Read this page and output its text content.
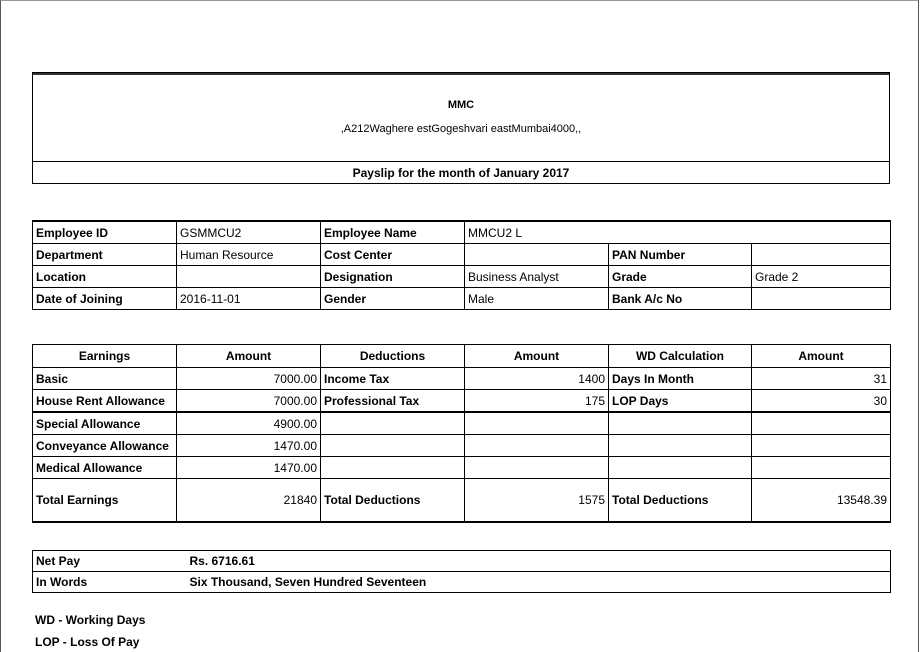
MMC
,A212Waghere estGogeshvari eastMumbai4000,,
Payslip for the month of January 2017
Employee ID	GSMMCU2	Employee Name	MMCU2 L		
Department	Human Resource	Cost Center		PAN Number	
Location		Designation	Business Analyst	Grade	Grade 2
Date of Joining	2016-11-01	Gender	Male	Bank A/c No	
Earnings	Amount	Deductions	Amount	WD Calculation	Amount
Basic	7000.00	Income Tax	1400	Days In Month	31
House Rent Allowance	7000.00	Professional Tax	175	LOP Days	30
Special Allowance	4900.00				
Conveyance Allowance	1470.00				
Medical Allowance	1470.00				
Total Earnings	21840	Total Deductions	1575	Total Deductions	13548.39
Net Pay	Rs. 6716.61
In Words	Six Thousand, Seven Hundred Seventeen
WD - Working Days
LOP - Loss Of Pay
